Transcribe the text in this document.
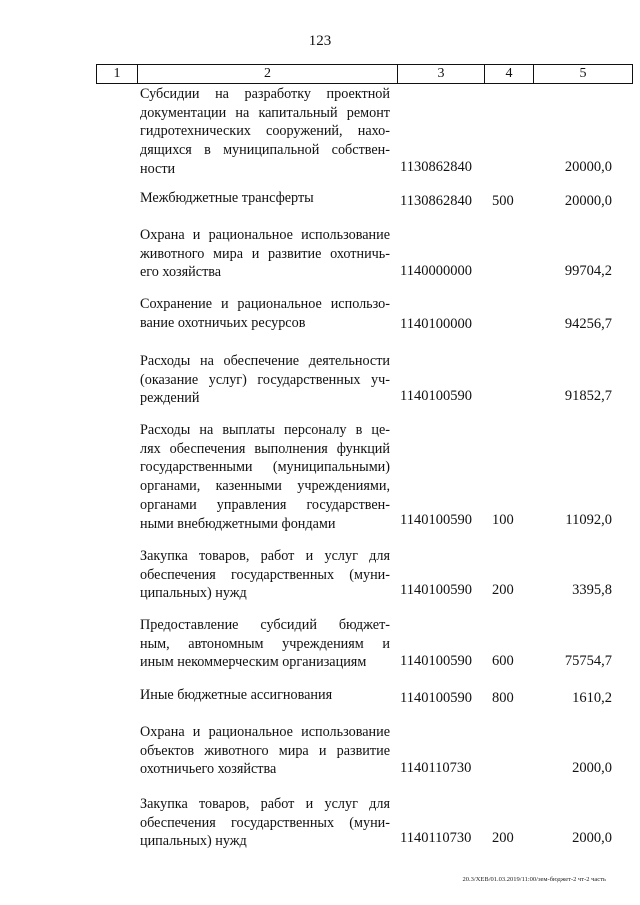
123
1	2	3	4	5
Субсидии на разработку проектной
документации на капитальный ремонт
гидротехнических сооружений, нахо-
дящихся в муниципальной собствен-
ности	1130862840	20000,0
Межбюджетные трансферты	1130862840 500	20000,0
Охрана и рациональное использование
животного мира и развитие охотничь-
его хозяйства	1140000000	99704,2
Сохранение и рациональное использо-
вание охотничьих ресурсов	1140100000	94256,7
Расходы на обеспечение деятельности
(оказание услуг) государственных уч-
реждений	1140100590	91852,7
Расходы на выплаты персоналу в це-
лях обеспечения выполнения функций
государственными (муниципальными)
органами, казенными учреждениями,
органами управления государствен-
ными внебюджетными фондами	1140100590 100	11092,0
Закупка товаров, работ и услуг для
обеспечения государственных (муни-
ципальных) нужд	1140100590 200	3395,8
Предоставление субсидий бюджет-
ным, автономным учреждениям и
иным некоммерческим организациям	1140100590 600	75754,7
Иные бюджетные ассигнования	1140100590 800	1610,2
Охрана и рациональное использование
объектов животного мира и развитие
охотничьего хозяйства	1140110730	2000,0
Закупка товаров, работ и услуг для
обеспечения государственных (муни-
ципальных) нужд	1140110730 200	2000,0
20.3/ХЕВ/01.03.2019/11:00/зем-бюджет-2 чт-2 часть
